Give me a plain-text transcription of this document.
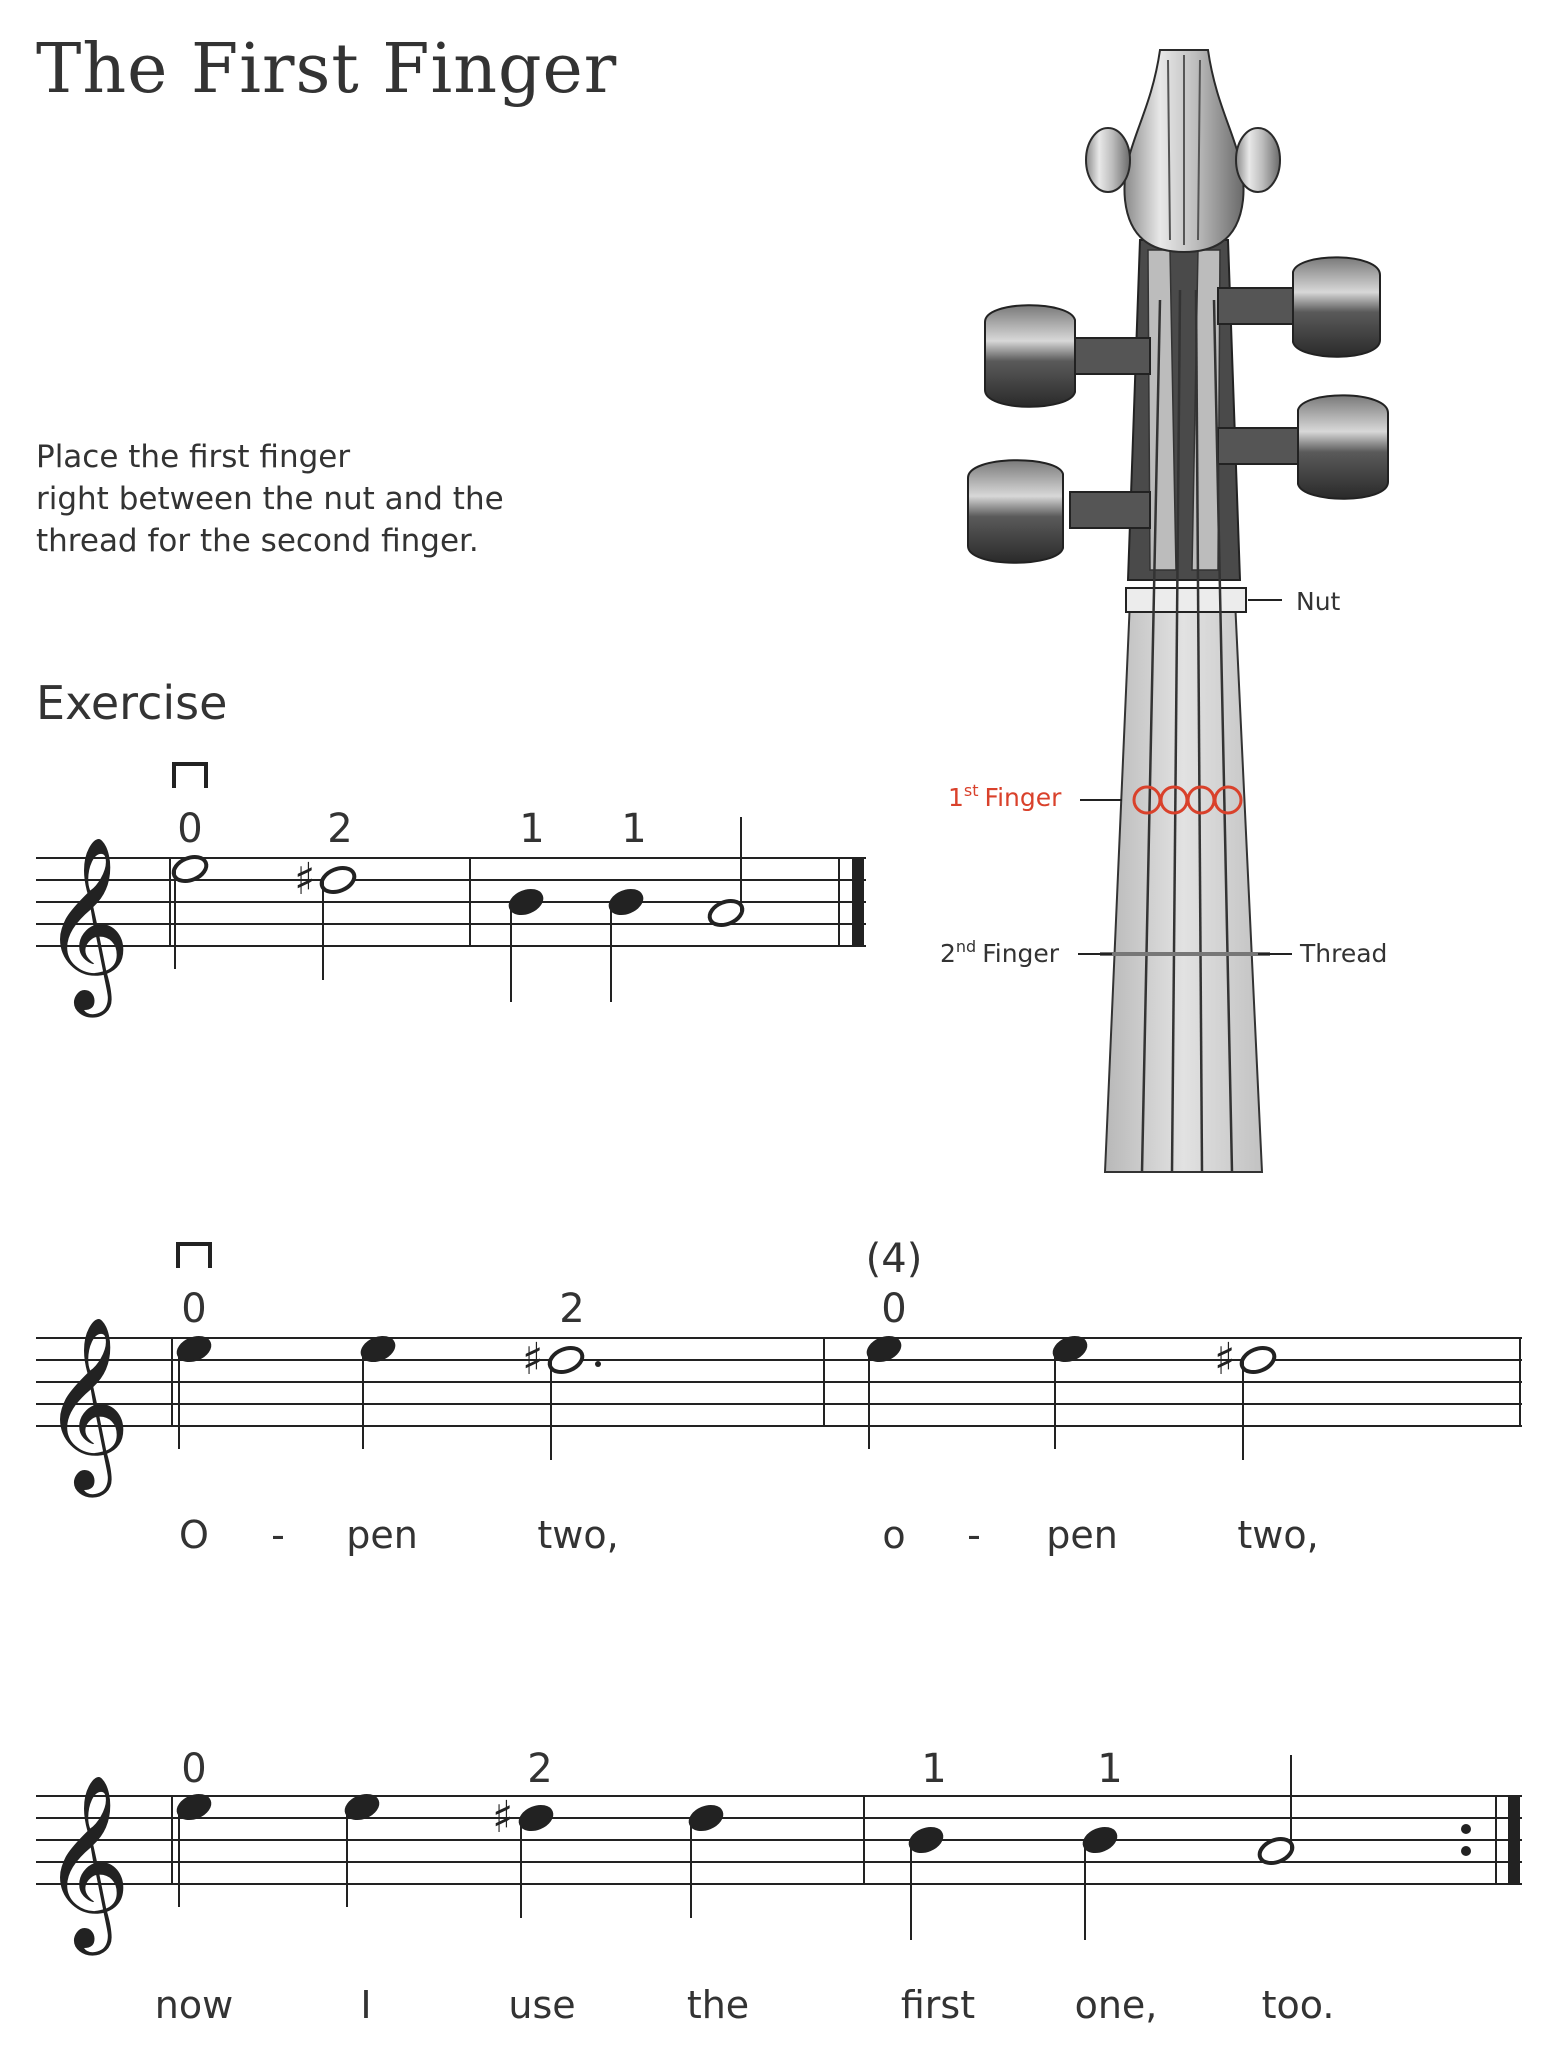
The First Finger
Place the first finger
right between the nut and the
thread for the second finger.
Exercise
Nut
1st Finger
2nd Finger	Thread
𝄞	♯
𝄞	♯	♯
𝄞	♯
0	2	1 1
(4)
0	2	0
O - pen	two,	o - pen	two,
0	2	1	1
now	I	use	the	first	one,	too.
